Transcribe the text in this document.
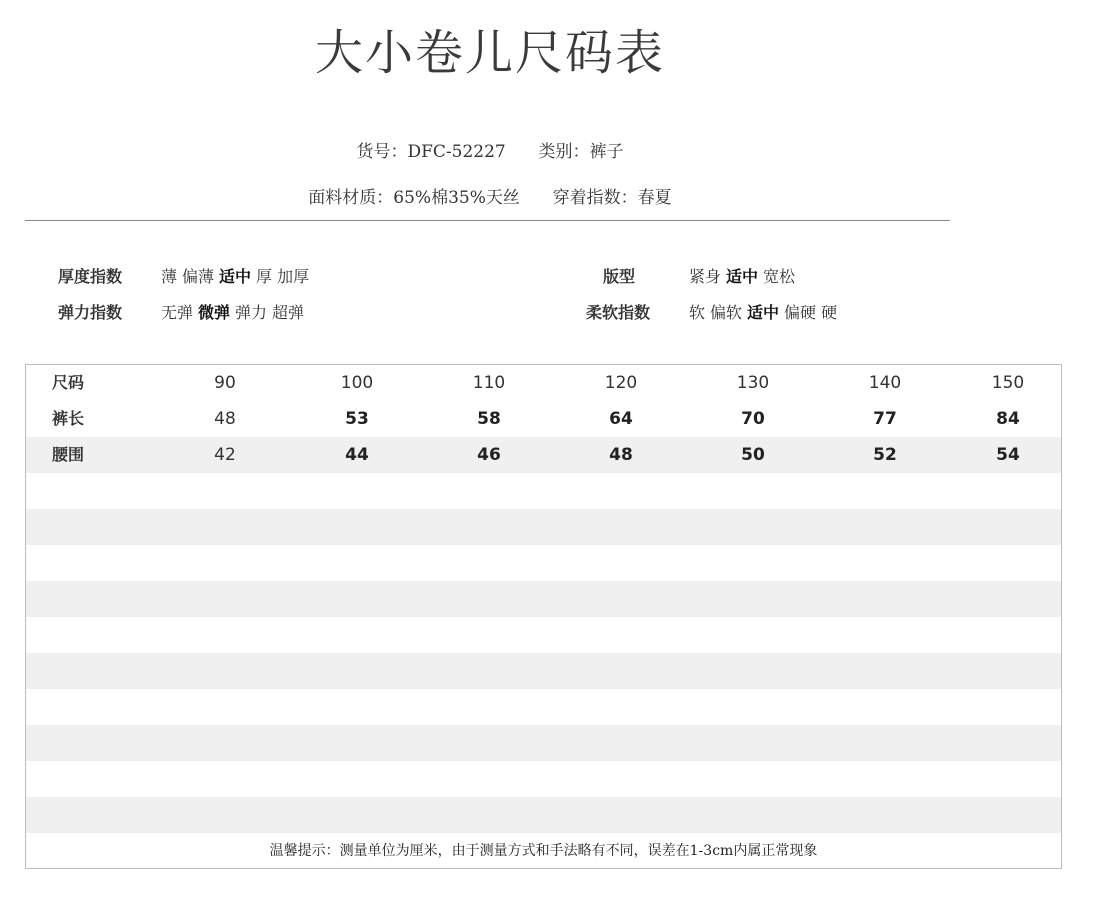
大小卷儿尺码表
货号：DFC-52227 类别：裤子
面料材质：65%棉35%天丝 穿着指数：春夏
厚度指数 薄 偏薄 适中 厚 加厚	版型	紧身 适中 宽松
弹力指数 无弹 微弹 弹力 超弹	柔软指数 软 偏软 适中 偏硬 硬
尺码	90	100	110	120	130	140	150
裤长	48	53	58	64	70	77	84
腰围	42	44	46	48	50	52	54
温馨提示：测量单位为厘米，由于测量方式和手法略有不同，误差在1-3cm内属正常现象
